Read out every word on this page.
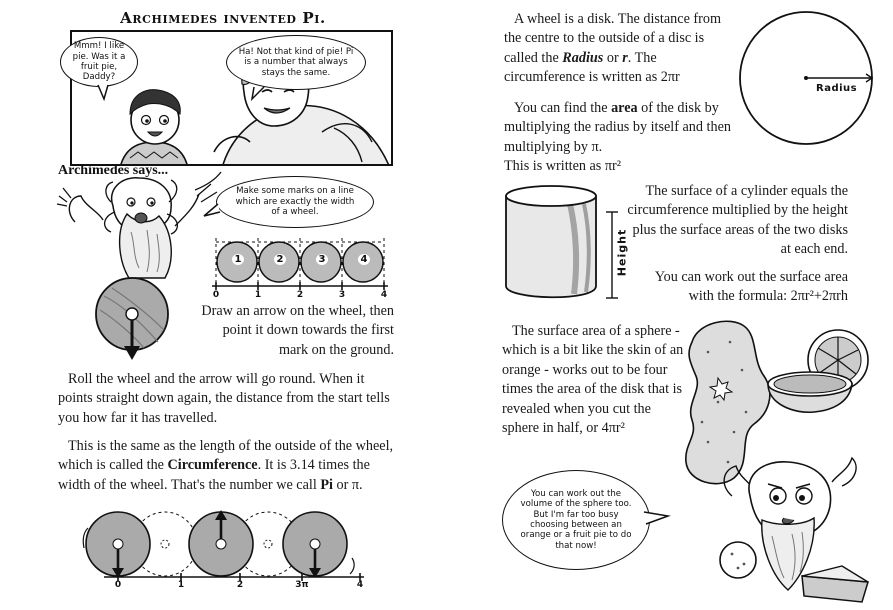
Archimedes invented Pi.
Mmm! I like pie. Was it a fruit pie, Daddy?
Ha! Not that kind of pie! Pi is a number that always stays the same.
Archimedes says...
Make some marks on a line which are exactly the width of a wheel.
1	2	3	4
0	1	2	3	4
Draw an arrow on the wheel, then point it down towards the first mark on the ground.
Roll the wheel and the arrow will go round. When it points straight down again, the distance from the start tells you how far it has travelled.
This is the same as the length of the outside of the wheel, which is called the Circumference. It is 3.14 times the width of the wheel. That's the number we call Pi or π.
0	1	2	3π	4
A wheel is a disk. The distance from the centre to the outside of a disc is called the Radius or r. The circumference is written as 2πr
Radius
You can find the area of the disk by multiplying the radius by itself and then multiplying by π.
This is written as πr²
Height
The surface of a cylinder equals the circumference multiplied by the height plus the surface areas of the two disks at each end.
You can work out the surface area with the formula: 2πr²+2πrh
The surface area of a sphere - which is a bit like the skin of an orange - works out to be four times the area of the disk that is revealed when you cut the sphere in half, or 4πr²
You can work out the volume of the sphere too. But I'm far too busy choosing between an orange or a fruit pie to do that now!
